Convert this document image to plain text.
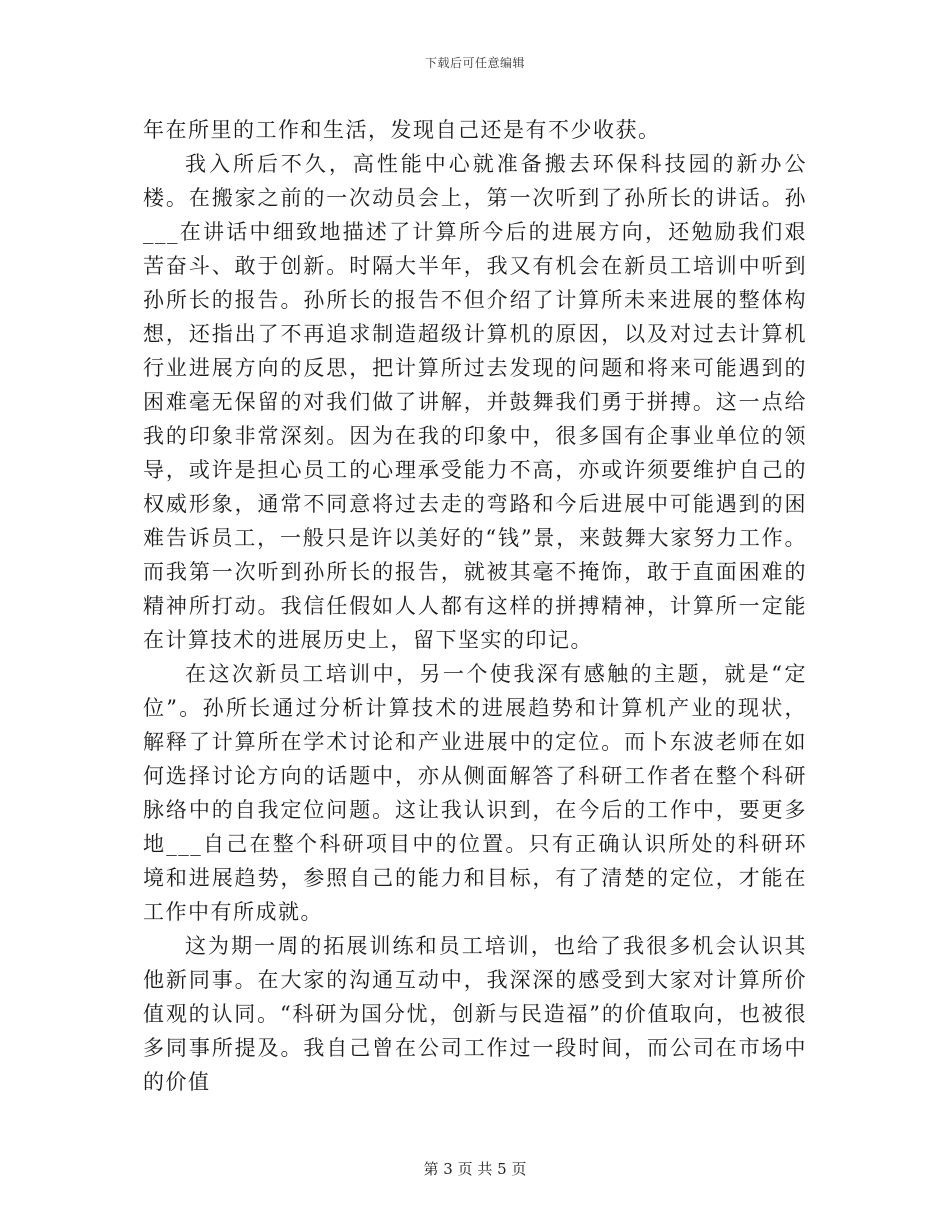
下载后可任意编辑

年在所里的工作和生活，发现自己还是有不少收获。

我入所后不久，高性能中心就准备搬去环保科技园的新办公楼。在搬家之前的一次动员会上，第一次听到了孙所长的讲话。孙___在讲话中细致地描述了计算所今后的进展方向，还勉励我们艰苦奋斗、敢于创新。时隔大半年，我又有机会在新员工培训中听到孙所长的报告。孙所长的报告不但介绍了计算所未来进展的整体构想，还指出了不再追求制造超级计算机的原因，以及对过去计算机行业进展方向的反思，把计算所过去发现的问题和将来可能遇到的困难毫无保留的对我们做了讲解，并鼓舞我们勇于拼搏。这一点给我的印象非常深刻。因为在我的印象中，很多国有企事业单位的领导，或许是担心员工的心理承受能力不高，亦或许须要维护自己的权威形象，通常不同意将过去走的弯路和今后进展中可能遇到的困难告诉员工，一般只是许以美好的“钱”景，来鼓舞大家努力工作。而我第一次听到孙所长的报告，就被其毫不掩饰，敢于直面困难的精神所打动。我信任假如人人都有这样的拼搏精神，计算所一定能在计算技术的进展历史上，留下坚实的印记。

在这次新员工培训中，另一个使我深有感触的主题，就是“定位”。孙所长通过分析计算技术的进展趋势和计算机产业的现状，解释了计算所在学术讨论和产业进展中的定位。而卜东波老师在如何选择讨论方向的话题中，亦从侧面解答了科研工作者在整个科研脉络中的自我定位问题。这让我认识到，在今后的工作中，要更多地___自己在整个科研项目中的位置。只有正确认识所处的科研环境和进展趋势，参照自己的能力和目标，有了清楚的定位，才能在工作中有所成就。

这为期一周的拓展训练和员工培训，也给了我很多机会认识其他新同事。在大家的沟通互动中，我深深的感受到大家对计算所价值观的认同。“科研为国分忧，创新与民造福”的价值取向，也被很多同事所提及。我自己曾在公司工作过一段时间，而公司在市场中的价值

第 3 页 共 5 页
